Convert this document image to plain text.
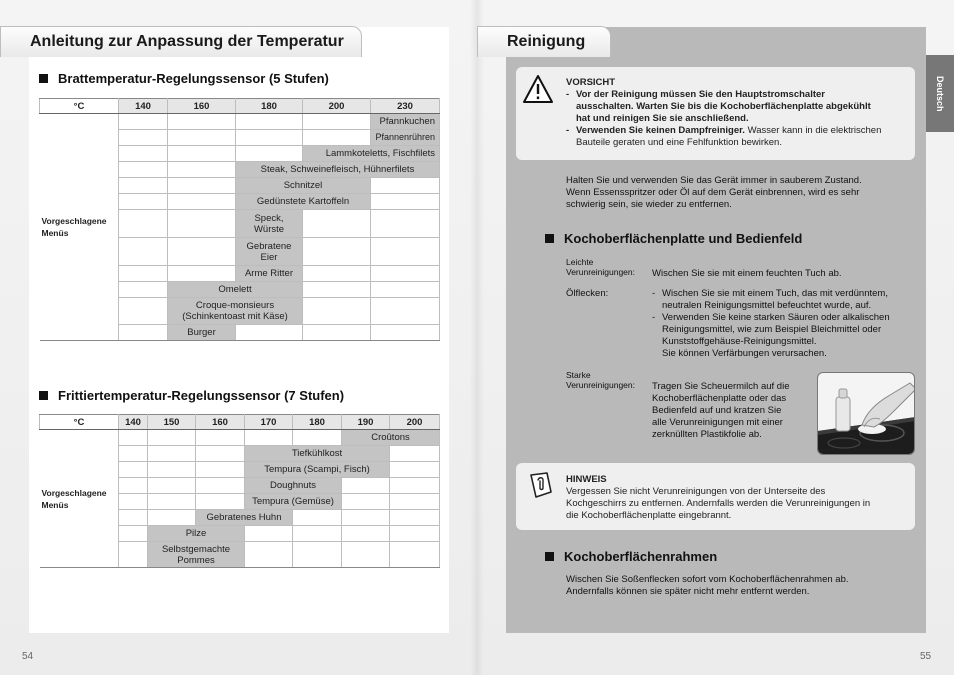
Anleitung zur Anpassung der Temperatur
Brattemperatur-Regelungssensor (5 Stufen)
°C	140	160	180	200	230
Vorgeschlagene
Menüs					Pfannkuchen
					Pfannenrühren
				Lammkoteletts, Fischfilets	
			Steak, Schweinefleisch, Hühnerfilets		
			Schnitzel		
			Gedünstete Kartoffeln		
			Speck,
Würste		
			Gebratene
Eier		
			Arme Ritter		
		Omelett			
		Croque-monsieurs
(Schinkentoast mit Käse)			
		Burger			
Frittiertemperatur-Regelungssensor (7 Stufen)
°C	140	150	160	170	180	190	200
Vorgeschlagene
Menüs						Croûtons	
				Tiefkühlkost			
				Tempura (Scampi, Fisch)			
				Doughnuts			
				Tempura (Gemüse)			
			Gebratenes Huhn				
		Pilze					
		Selbstgemachte
Pommes					
54
Reinigung
Deutsch
VORSICHT
- Vor der Reinigung müssen Sie den Hauptstromschalter
ausschalten. Warten Sie bis die Kochoberflächenplatte abgekühlt
hat und reinigen Sie sie anschließend.
- Verwenden Sie keinen Dampfreiniger. Wasser kann in die elektrischen
Bauteile geraten und eine Fehlfunktion bewirken.
Halten Sie und verwenden Sie das Gerät immer in sauberem Zustand.
Wenn Essensspritzer oder Öl auf dem Gerät einbrennen, wird es sehr
schwierig sein, sie wieder zu entfernen.
Kochoberflächenplatte und Bedienfeld
Leichte
Verunreinigungen: Wischen Sie sie mit einem feuchten Tuch ab.
Ölflecken:	- Wischen Sie sie mit einem Tuch, das mit verdünntem,
neutralen Reinigungsmittel befeuchtet wurde, auf.
- Verwenden Sie keine starken Säuren oder alkalischen
Reinigungsmittel, wie zum Beispiel Bleichmittel oder
Kunststoffgehäuse-Reinigungsmittel.
Sie können Verfärbungen verursachen.
Starke
Verunreinigungen: Tragen Sie Scheuermilch auf die
Kochoberflächenplatte oder das
Bedienfeld auf und kratzen Sie
alle Verunreinigungen mit einer
zerknüllten Plastikfolie ab.
HINWEIS
Vergessen Sie nicht Verunreinigungen von der Unterseite des
Kochgeschirrs zu entfernen. Andernfalls werden die Verunreinigungen in
die Kochoberflächenplatte eingebrannt.
Kochoberflächenrahmen
Wischen Sie Soßenflecken sofort vom Kochoberflächenrahmen ab.
Andernfalls können sie später nicht mehr entfernt werden.
55
